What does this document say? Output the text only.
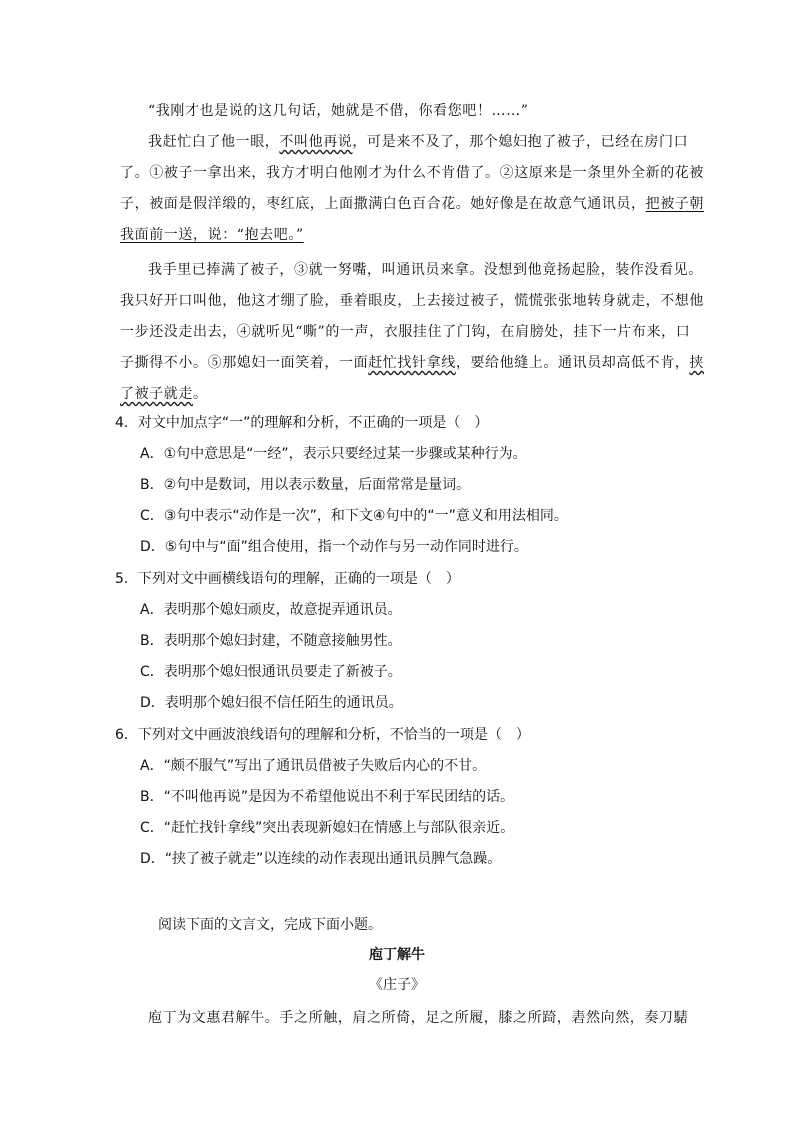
“我刚才也是说的这几句话，她就是不借，你看您吧！……”
我赶忙白了他一眼，不叫他再说，可是来不及了，那个媳妇抱了被子，已经在房门口
了。①被子一拿出来，我方才明白他刚才为什么不肯借了。②这原来是一条里外全新的花被
子，被面是假洋缎的，枣红底，上面撒满白色百合花。她好像是在故意气通讯员，把被子朝
我面前一送，说：“抱去吧。”
我手里已捧满了被子，③就一努嘴，叫通讯员来拿。没想到他竟扬起脸，装作没看见。
我只好开口叫他，他这才绷了脸，垂着眼皮，上去接过被子，慌慌张张地转身就走，不想他
一步还没走出去，④就听见“嘶”的一声，衣服挂住了门钩，在肩膀处，挂下一片布来，口
子撕得不小。⑤那媳妇一面笑着，一面赶忙找针拿线，要给他缝上。通讯员却高低不肯，挟
了被子就走。
4．对文中加点字“一”的理解和分析，不正确的一项是（　）
A．①句中意思是“一经”，表示只要经过某一步骤或某种行为。
B．②句中是数词，用以表示数量，后面常常是量词。
C．③句中表示“动作是一次”，和下文④句中的“一”意义和用法相同。
D．⑤句中与“面”组合使用，指一个动作与另一动作同时进行。
5．下列对文中画横线语句的理解，正确的一项是（　）
A．表明那个媳妇顽皮，故意捉弄通讯员。
B．表明那个媳妇封建，不随意接触男性。
C．表明那个媳妇恨通讯员要走了新被子。
D．表明那个媳妇很不信任陌生的通讯员。
6．下列对文中画波浪线语句的理解和分析，不恰当的一项是（　）
A．“颇不服气”写出了通讯员借被子失败后内心的不甘。
B．“不叫他再说”是因为不希望他说出不利于军民团结的话。
C．“赶忙找针拿线”突出表现新媳妇在情感上与部队很亲近。
D．“挟了被子就走”以连续的动作表现出通讯员脾气急躁。
阅读下面的文言文，完成下面小题。
庖丁解牛
《庄子》
庖丁为文惠君解牛。手之所触，肩之所倚，足之所履，膝之所踦，砉然向然，奏刀騞
